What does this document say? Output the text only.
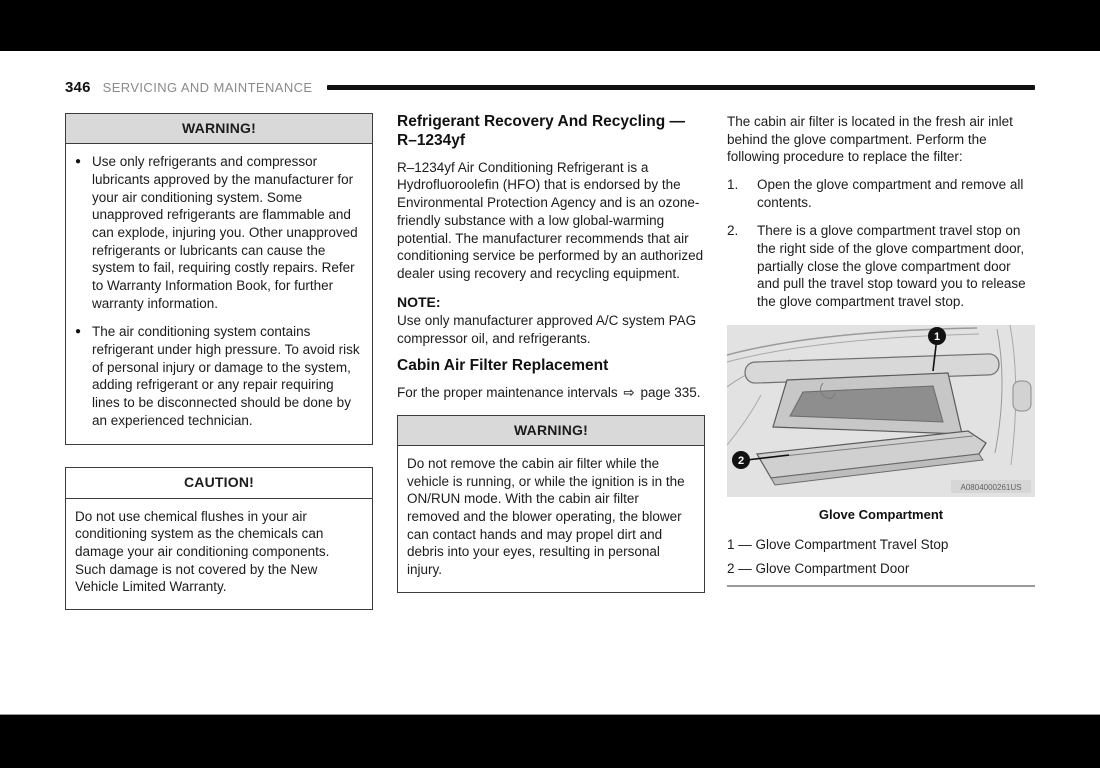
346 SERVICING AND MAINTENANCE
WARNING!
● Use only refrigerants and compressor lubricants approved by the manufacturer for your air conditioning system. Some unapproved refrigerants are flammable and can explode, injuring you. Other unapproved refrigerants or lubricants can cause the system to fail, requiring costly repairs. Refer to Warranty Information Book, for further warranty information.
● The air conditioning system contains refrigerant under high pressure. To avoid risk of personal injury or damage to the system, adding refrigerant or any repair requiring lines to be disconnected should be done by an experienced technician.
CAUTION!
Do not use chemical flushes in your air conditioning system as the chemicals can damage your air conditioning components. Such damage is not covered by the New Vehicle Limited Warranty.
Refrigerant Recovery And Recycling — R–1234yf

R–1234yf Air Conditioning Refrigerant is a Hydrofluoroolefin (HFO) that is endorsed by the Environmental Protection Agency and is an ozone-friendly substance with a low global-warming potential. The manufacturer recommends that air conditioning service be performed by an authorized dealer using recovery and recycling equipment.

NOTE:

Use only manufacturer approved A/C system PAG compressor oil, and refrigerants.

Cabin Air Filter Replacement

For the proper maintenance intervals ⇨ page 335.

WARNING!
Do not remove the cabin air filter while the vehicle is running, or while the ignition is in the ON/RUN mode. With the cabin air filter removed and the blower operating, the blower can contact hands and may propel dirt and debris into your eyes, resulting in personal injury.

The cabin air filter is located in the fresh air inlet behind the glove compartment. Perform the following procedure to replace the filter:

1.	Open the glove compartment and remove all contents.
2.	There is a glove compartment travel stop on the right side of the glove compartment door, partially close the glove compartment door and pull the travel stop toward you to release the glove compartment travel stop.
1
2
A0804000261US
Glove Compartment
1 — Glove Compartment Travel Stop
2 — Glove Compartment Door
